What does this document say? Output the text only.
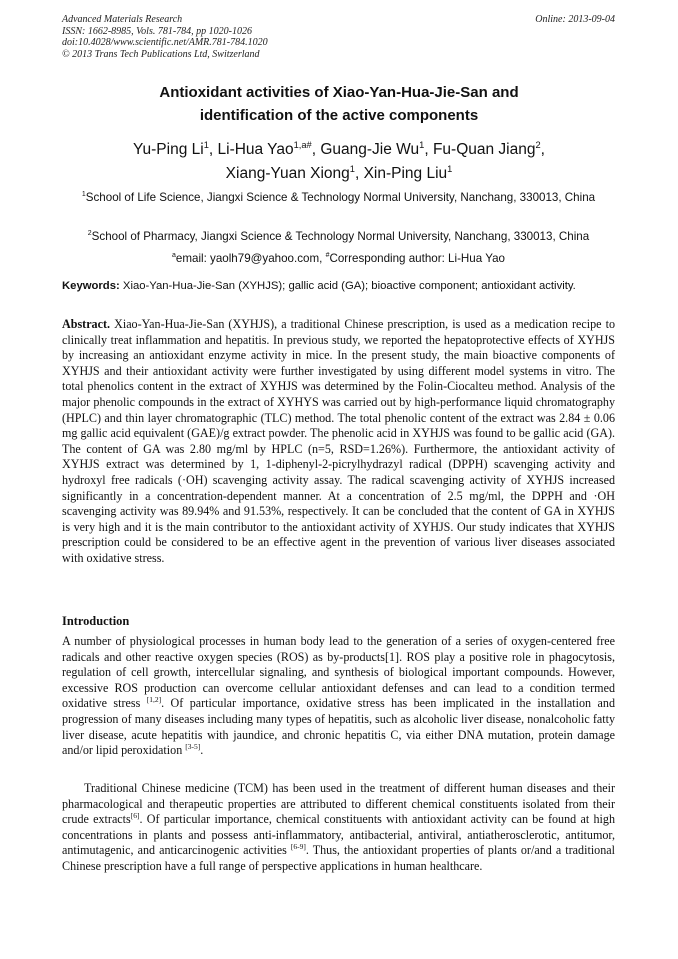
Advanced Materials Research
ISSN: 1662-8985, Vols. 781-784, pp 1020-1026
doi:10.4028/www.scientific.net/AMR.781-784.1020
© 2013 Trans Tech Publications Ltd, Switzerland
Online: 2013-09-04
Antioxidant activities of Xiao-Yan-Hua-Jie-San and
identification of the active components
Yu-Ping Li$^1$, Li-Hua Yao$^{1,a\#}$, Guang-Jie Wu$^1$, Fu-Quan Jiang$^2$,
Xiang-Yuan Xiong$^1$, Xin-Ping Liu$^1$
$^1$School of Life Science, Jiangxi Science & Technology Normal University, Nanchang, 330013, China
$^2$School of Pharmacy, Jiangxi Science & Technology Normal University, Nanchang, 330013, China
$^a$email: yaolh79@yahoo.com, #Corresponding author: Li-Hua Yao
Keywords: Xiao-Yan-Hua-Jie-San (XYHJS); gallic acid (GA); bioactive component; antioxidant activity.
Abstract. Xiao-Yan-Hua-Jie-San (XYHJS), a traditional Chinese prescription, is used as a medication recipe to clinically treat inflammation and hepatitis. In previous study, we reported the hepatoprotective effects of XYHJS by increasing an antioxidant enzyme activity in mice. In the present study, the main bioactive components of XYHJS and their antioxidant activity were further investigated by using different model systems in vitro. The total phenolics content in the extract of XYHJS was determined by the Folin-Ciocalteu method. Analysis of the major phenolic compounds in the extract of XYHYS was carried out by high-performance liquid chromatography (HPLC) and thin layer chromatographic (TLC) method. The total phenolic content of the extract was 2.84 ± 0.06 mg gallic acid equivalent (GAE)/g extract powder. The phenolic acid in XYHJS was found to be gallic acid (GA). The content of GA was 2.80 mg/ml by HPLC (n=5, RSD=1.26%). Furthermore, the antioxidant activity of XYHJS extract was determined by 1, 1-diphenyl-2-picrylhydrazyl radical (DPPH) scavenging activity and hydroxyl free radicals (·OH) scavenging activity assay. The radical scavenging activity of XYHJS increased significantly in a concentration-dependent manner. At a concentration of 2.5 mg/ml, the DPPH and ·OH scavenging activity was 89.94% and 91.53%, respectively. It can be concluded that the content of GA in XYHJS is very high and it is the main contributor to the antioxidant activity of XYHJS. Our study indicates that XYHJS prescription could be considered to be an effective agent in the prevention of various liver diseases associated with oxidative stress.
Introduction
A number of physiological processes in human body lead to the generation of a series of oxygen-centered free radicals and other reactive oxygen species (ROS) as by-products[1]. ROS play a positive role in phagocytosis, regulation of cell growth, intercellular signaling, and synthesis of biological important compounds. However, excessive ROS production can overcome cellular antioxidant defenses and can lead to a condition termed oxidative stress [1,2]. Of particular importance, oxidative stress has been implicated in the installation and progression of many diseases including many types of hepatitis, such as alcoholic liver disease, nonalcoholic fatty liver disease, acute hepatitis with jaundice, and chronic hepatitis C, via either DNA mutation, protein damage and/or lipid peroxidation [3-5].
Traditional Chinese medicine (TCM) has been used in the treatment of different human diseases and their pharmacological and therapeutic properties are attributed to different chemical constituents isolated from their crude extracts[6]. Of particular importance, chemical constituents with antioxidant activity can be found at high concentrations in plants and possess anti-inflammatory, antibacterial, antiviral, antiatherosclerotic, antitumor, antimutagenic, and anticarcinogenic activities [6-9]. Thus, the antioxidant properties of plants or/and a traditional Chinese prescription have a full range of perspective applications in human healthcare.
